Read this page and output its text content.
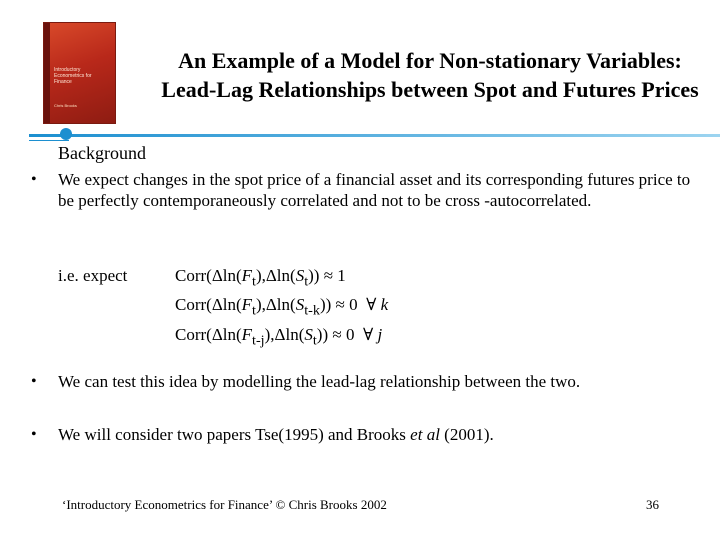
Introductory Econometrics for Finance
Chris Brooks
An Example of a Model for Non-stationary Variables: Lead-Lag Relationships between Spot and Futures Prices
Background
• We expect changes in the spot price of a financial asset and its corresponding futures price to be perfectly contemporaneously correlated and not to be cross -autocorrelated.
i.e. expect	$Corr(\Delta\ln(F_t),\Delta\ln(S_t)) \approx 1$
$Corr(\Delta\ln(F_t),\Delta\ln(S_{t-k})) \approx 0$  ∀ k
$Corr(\Delta\ln(F_{t-j}),\Delta\ln(S_t)) \approx 0$  ∀ j
• We can test this idea by modelling the lead-lag relationship between the two.
• We will consider two papers Tse(1995) and Brooks et al (2001).
‘Introductory Econometrics for Finance’ © Chris Brooks 2002	36
